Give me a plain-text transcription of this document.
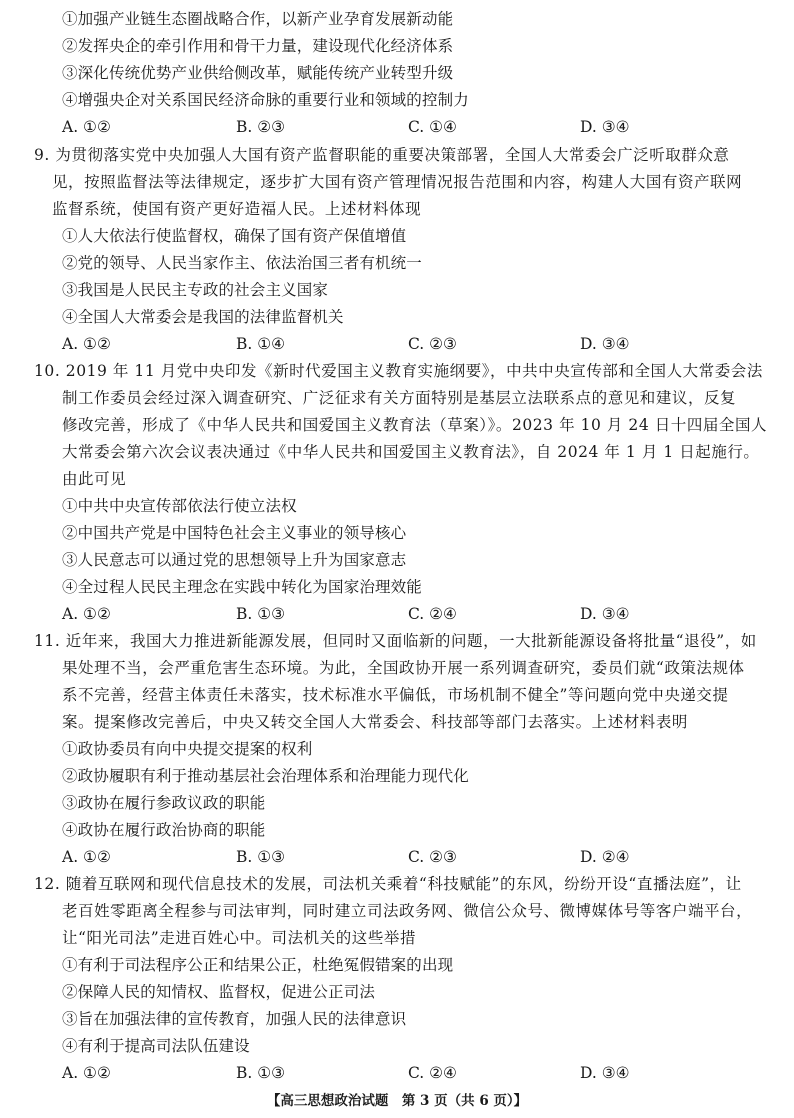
①加强产业链生态圈战略合作，以新产业孕育发展新动能
②发挥央企的牵引作用和骨干力量，建设现代化经济体系
③深化传统优势产业供给侧改革，赋能传统产业转型升级
④增强央企对关系国民经济命脉的重要行业和领域的控制力
A. ①②	B. ②③	C. ①④	D. ③④
9. 为贯彻落实党中央加强人大国有资产监督职能的重要决策部署，全国人大常委会广泛听取群众意
见，按照监督法等法律规定，逐步扩大国有资产管理情况报告范围和内容，构建人大国有资产联网
监督系统，使国有资产更好造福人民。上述材料体现
①人大依法行使监督权，确保了国有资产保值增值
②党的领导、人民当家作主、依法治国三者有机统一
③我国是人民民主专政的社会主义国家
④全国人大常委会是我国的法律监督机关
A. ①②	B. ①④	C. ②③	D. ③④
10. 2019 年 11 月党中央印发《新时代爱国主义教育实施纲要》，中共中央宣传部和全国人大常委会法
制工作委员会经过深入调查研究、广泛征求有关方面特别是基层立法联系点的意见和建议，反复
修改完善，形成了《中华人民共和国爱国主义教育法（草案）》。2023 年 10 月 24 日十四届全国人
大常委会第六次会议表决通过《中华人民共和国爱国主义教育法》，自 2024 年 1 月 1 日起施行。
由此可见
①中共中央宣传部依法行使立法权
②中国共产党是中国特色社会主义事业的领导核心
③人民意志可以通过党的思想领导上升为国家意志
④全过程人民民主理念在实践中转化为国家治理效能
A. ①②	B. ①③	C. ②④	D. ③④
11. 近年来，我国大力推进新能源发展，但同时又面临新的问题，一大批新能源设备将批量“退役”，如
果处理不当，会严重危害生态环境。为此，全国政协开展一系列调查研究，委员们就“政策法规体
系不完善，经营主体责任未落实，技术标准水平偏低，市场机制不健全”等问题向党中央递交提
案。提案修改完善后，中央又转交全国人大常委会、科技部等部门去落实。上述材料表明
①政协委员有向中央提交提案的权利
②政协履职有利于推动基层社会治理体系和治理能力现代化
③政协在履行参政议政的职能
④政协在履行政治协商的职能
A. ①②	B. ①③	C. ②③	D. ②④
12. 随着互联网和现代信息技术的发展，司法机关乘着“科技赋能”的东风，纷纷开设“直播法庭”，让
老百姓零距离全程参与司法审判，同时建立司法政务网、微信公众号、微博媒体号等客户端平台，
让“阳光司法”走进百姓心中。司法机关的这些举措
①有利于司法程序公正和结果公正，杜绝冤假错案的出现
②保障人民的知情权、监督权，促进公正司法
③旨在加强法律的宣传教育，加强人民的法律意识
④有利于提高司法队伍建设
A. ①②	B. ①③	C. ②④	D. ③④
【高三思想政治试题　第 3 页（共 6 页）】
